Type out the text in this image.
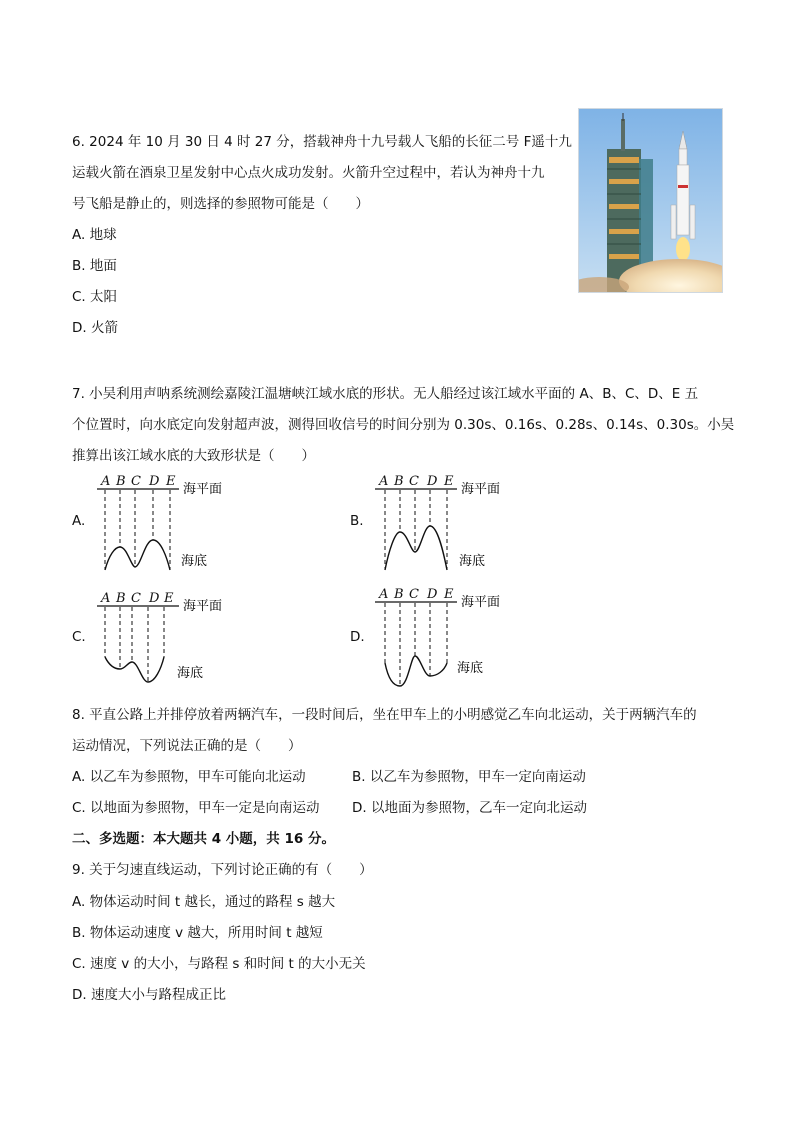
6. 2024 年 10 月 30 日 4 时 27 分，搭载神舟十九号载人飞船的长征二号 F遥十九
运载火箭在酒泉卫星发射中心点火成功发射。火箭升空过程中，若认为神舟十九
号飞船是静止的，则选择的参照物可能是（　　）
A. 地球
B. 地面
C. 太阳
D. 火箭
7. 小吴利用声呐系统测绘嘉陵江温塘峡江域水底的形状。无人船经过该江域水平面的 A、B、C、D、E 五
个位置时，向水底定向发射超声波，测得回收信号的时间分别为 0.30s、0.16s、0.28s、0.14s、0.30s。小吴
推算出该江域水底的大致形状是（　　）
A.	B.
C.	D.
A B C D E
海平面
海底
A B C D E
海平面
海底
A B C D E
海平面
海底
A B C D E
海平面
海底
8. 平直公路上并排停放着两辆汽车，一段时间后，坐在甲车上的小明感觉乙车向北运动，关于两辆汽车的
运动情况，下列说法正确的是（　　）
A. 以乙车为参照物，甲车可能向北运动	B. 以乙车为参照物，甲车一定向南运动
C. 以地面为参照物，甲车一定是向南运动 D. 以地面为参照物，乙车一定向北运动
二、多选题：本大题共 4 小题，共 16 分。
9. 关于匀速直线运动，下列讨论正确的有（　　）
A. 物体运动时间 t 越长，通过的路程 s 越大
B. 物体运动速度 v 越大，所用时间 t 越短
C. 速度 v 的大小，与路程 s 和时间 t 的大小无关
D. 速度大小与路程成正比
